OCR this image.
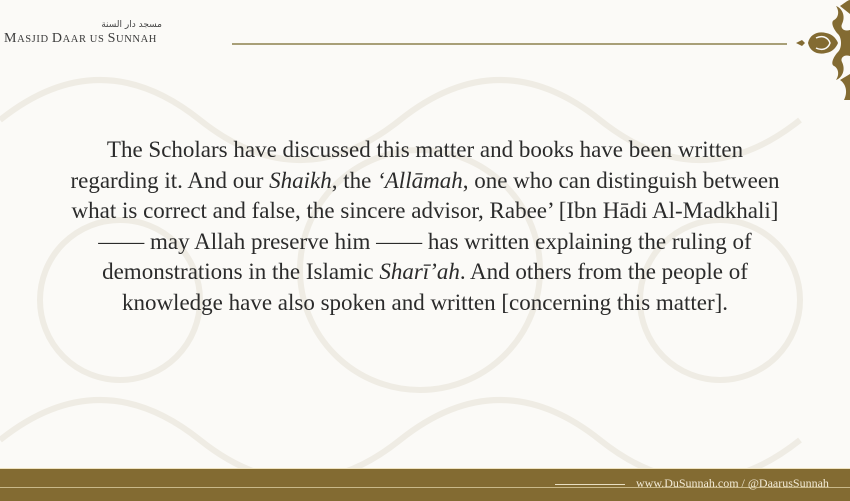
مسجد دار السنة
MASJID DAAR US SUNNAH
The Scholars have discussed this matter and books have been written regarding it. And our Shaikh, the ‘Allāmah, one who can distinguish between what is correct and false, the sincere advisor, Rabee’ [Ibn Hādi Al-Madkhali]—— may Allah preserve him —— has written explaining the ruling of demonstrations in the Islamic Sharī’ah. And others from the people of knowledge have also spoken and written [concerning this matter].
www.DuSunnah.com / @DaarusSunnah
